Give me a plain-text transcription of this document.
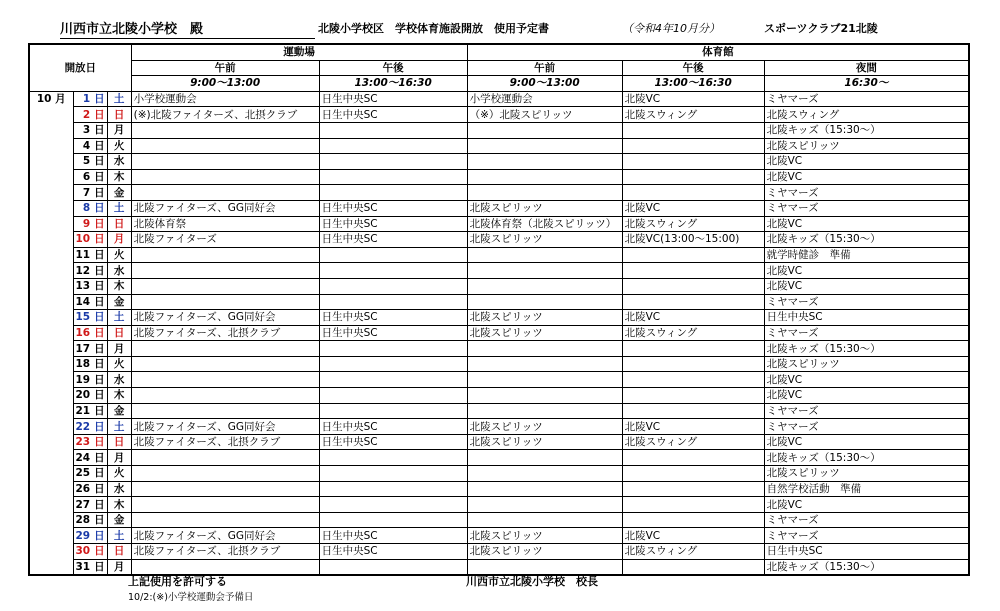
川西市立北陵小学校　殿	北陵小学校区　学校体育施設開放　使用予定書	（令和4年10月分）	スポーツクラブ21北陵
開放日			運動場		体育館		
			午前	午後	午前	午後	夜間
			9:00～13:00	13:00～16:30	9:00～13:00	13:00～16:30	16:30～
10 月	1 日	土	小学校運動会	日生中央SC	小学校運動会	北陵VC	ミヤマーズ
	2 日	日	(※)北陵ファイターズ、北摂クラブ	日生中央SC	（※）北陵スピリッツ	北陵スウィング	北陵スウィング
	3 日	月					北陵キッズ（15:30～）
	4 日	火					北陵スピリッツ
	5 日	水					北陵VC
	6 日	木					北陵VC
	7 日	金					ミヤマーズ
	8 日	土	北陵ファイターズ、GG同好会	日生中央SC	北陵スピリッツ	北陵VC	ミヤマーズ
	9 日	日	北陵体育祭	日生中央SC	北陵体育祭（北陵スピリッツ）	北陵スウィング	北陵VC
	10 日	月	北陵ファイターズ	日生中央SC	北陵スピリッツ	北陵VC(13:00～15:00)	北陵キッズ（15:30～）
	11 日	火					就学時健診　準備
	12 日	水					北陵VC
	13 日	木					北陵VC
	14 日	金					ミヤマーズ
	15 日	土	北陵ファイターズ、GG同好会	日生中央SC	北陵スピリッツ	北陵VC	日生中央SC
	16 日	日	北陵ファイターズ、北摂クラブ	日生中央SC	北陵スピリッツ	北陵スウィング	ミヤマーズ
	17 日	月					北陵キッズ（15:30～）
	18 日	火					北陵スピリッツ
	19 日	水					北陵VC
	20 日	木					北陵VC
	21 日	金					ミヤマーズ
	22 日	土	北陵ファイターズ、GG同好会	日生中央SC	北陵スピリッツ	北陵VC	ミヤマーズ
	23 日	日	北陵ファイターズ、北摂クラブ	日生中央SC	北陵スピリッツ	北陵スウィング	北陵VC
	24 日	月					北陵キッズ（15:30～）
	25 日	火					北陵スピリッツ
	26 日	水					自然学校活動　準備
	27 日	木					北陵VC
	28 日	金					ミヤマーズ
	29 日	土	北陵ファイターズ、GG同好会	日生中央SC	北陵スピリッツ	北陵VC	ミヤマーズ
	30 日	日	北陵ファイターズ、北摂クラブ	日生中央SC	北陵スピリッツ	北陵スウィング	日生中央SC
	31 日	月					北陵キッズ（15:30～）
上記使用を許可する	川西市立北陵小学校　校長
10/2:(※)小学校運動会予備日
